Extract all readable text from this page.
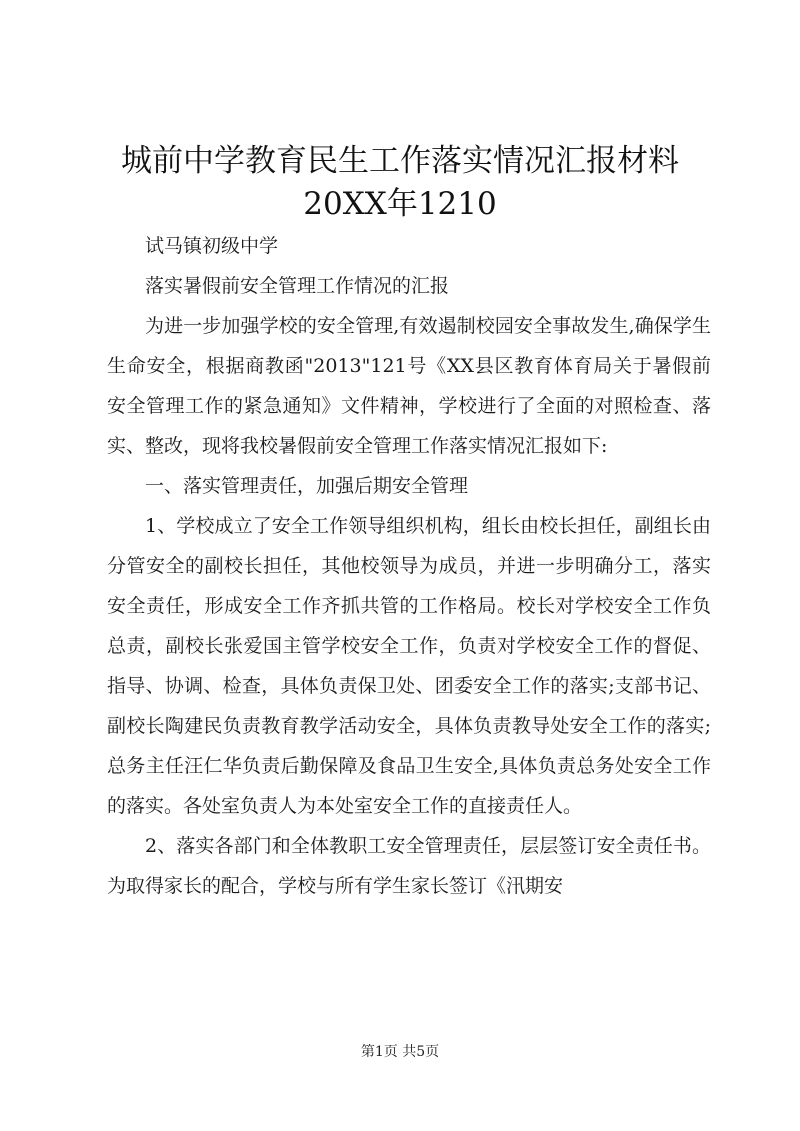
城前中学教育民生工作落实情况汇报材料
20XX年1210

试马镇初级中学

落实暑假前安全管理工作情况的汇报

为进一步加强学校的安全管理,有效遏制校园安全事故发生,确保学生生命安全，根据商教函"2013"121号《XX县区教育体育局关于暑假前安全管理工作的紧急通知》文件精神，学校进行了全面的对照检查、落实、整改，现将我校暑假前安全管理工作落实情况汇报如下:

一、落实管理责任，加强后期安全管理

1、学校成立了安全工作领导组织机构，组长由校长担任，副组长由分管安全的副校长担任，其他校领导为成员，并进一步明确分工，落实安全责任，形成安全工作齐抓共管的工作格局。校长对学校安全工作负总责，副校长张爱国主管学校安全工作，负责对学校安全工作的督促、指导、协调、检查，具体负责保卫处、团委安全工作的落实;支部书记、副校长陶建民负责教育教学活动安全，具体负责教导处安全工作的落实;总务主任汪仁华负责后勤保障及食品卫生安全,具体负责总务处安全工作的落实。各处室负责人为本处室安全工作的直接责任人。

2、落实各部门和全体教职工安全管理责任，层层签订安全责任书。为取得家长的配合，学校与所有学生家长签订《汛期安

第1页 共5页
